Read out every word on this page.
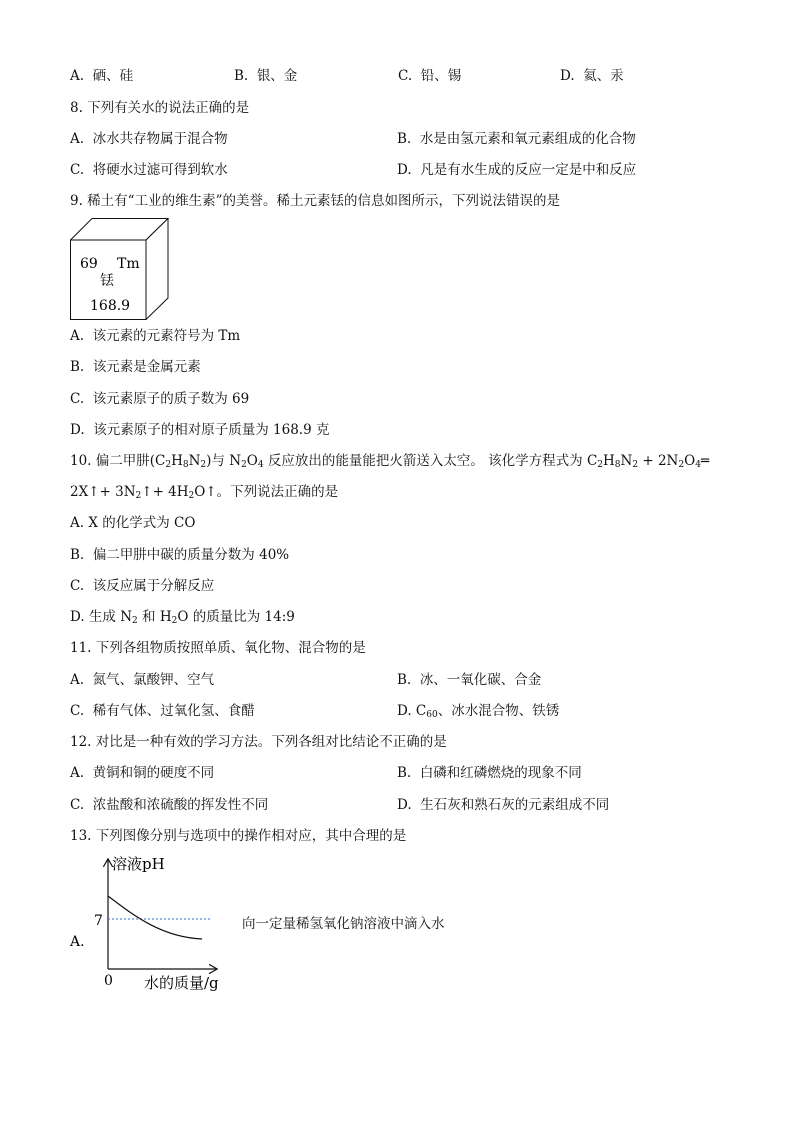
A. 硒、硅	B. 银、金	C. 铅、锡	D. 氦、汞
8. 下列有关水的说法正确的是
A. 冰水共存物属于混合物	B. 水是由氢元素和氧元素组成的化合物
C. 将硬水过滤可得到软水	D. 凡是有水生成的反应一定是中和反应
9. 稀土有“工业的维生素”的美誉。稀土元素铥的信息如图所示，下列说法错误的是
69 Tm
铥
168.9
A. 该元素的元素符号为 Tm
B. 该元素是金属元素
C. 该元素原子的质子数为 69
D. 该元素原子的相对原子质量为 168.9 克
10. 偏二甲肼$(C_2H_8N_2)$与 $N_2O_4$ 反应放出的能量能把火箭送入太空。 该化学方程式为 $C_2H_8N_2$ + $2N_2O_4═$
2X↑+ $3N_2↑+$ $4H_2O↑$。下列说法正确的是
A. X 的化学式为 CO
B. 偏二甲肼中碳的质量分数为 40%
C. 该反应属于分解反应
D. 生成 $N_2$ 和 $H_2O$ 的质量比为 14:9
11. 下列各组物质按照单质、氧化物、混合物的是
A. 氮气、氯酸钾、空气	B. 冰、一氧化碳、合金
C. 稀有气体、过氧化氢、食醋	D. $C_{60}$、冰水混合物、铁锈
12. 对比是一种有效的学习方法。下列各组对比结论不正确的是
A. 黄铜和铜的硬度不同	B. 白磷和红磷燃烧的现象不同
C. 浓盐酸和浓硫酸的挥发性不同	D. 生石灰和熟石灰的元素组成不同
13. 下列图像分别与选项中的操作相对应，其中合理的是
A.
溶液pH
水的质量/g
0
7	向一定量稀氢氧化钠溶液中滴入水
